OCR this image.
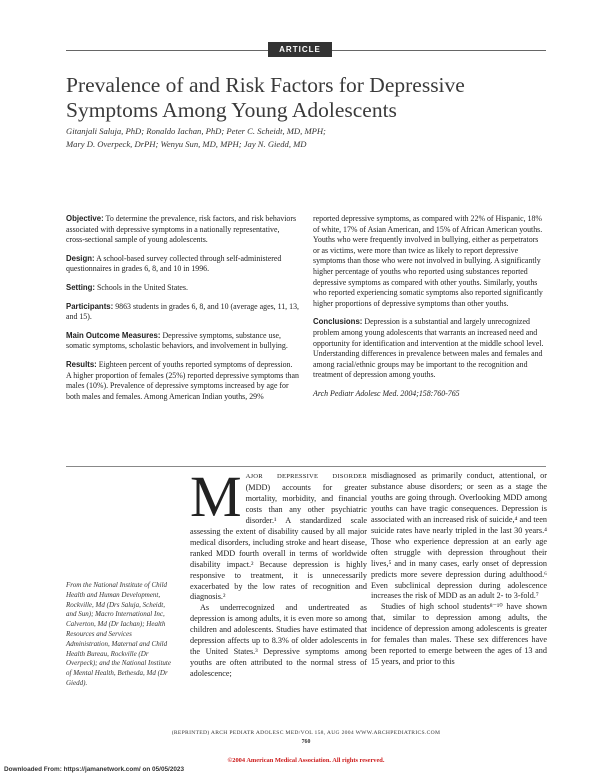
ARTICLE
Prevalence of and Risk Factors for Depressive
Symptoms Among Young Adolescents
Gitanjali Saluja, PhD; Ronaldo Iachan, PhD; Peter C. Scheidt, MD, MPH;
Mary D. Overpeck, DrPH; Wenyu Sun, MD, MPH; Jay N. Giedd, MD

Objective: To determine the prevalence, risk factors, and risk behaviors associated with depressive symptoms in a nationally representative, cross-sectional sample of young adolescents.

Design: A school-based survey collected through self-administered questionnaires in grades 6, 8, and 10 in 1996.

Setting: Schools in the United States.

Participants: 9863 students in grades 6, 8, and 10 (average ages, 11, 13, and 15).

Main Outcome Measures: Depressive symptoms, substance use, somatic symptoms, scholastic behaviors, and involvement in bullying.

Results: Eighteen percent of youths reported symptoms of depression. A higher proportion of females (25%) reported depressive symptoms than males (10%). Prevalence of depressive symptoms increased by age for both males and females. Among American Indian youths, 29%

reported depressive symptoms, as compared with 22% of Hispanic, 18% of white, 17% of Asian American, and 15% of African American youths. Youths who were frequently involved in bullying, either as perpetrators or as victims, were more than twice as likely to report depressive symptoms than those who were not involved in bullying. A significantly higher percentage of youths who reported using substances reported depressive symptoms as compared with other youths. Similarly, youths who reported experiencing somatic symptoms also reported significantly higher proportions of depressive symptoms than other youths.

Conclusions: Depression is a substantial and largely unrecognized problem among young adolescents that warrants an increased need and opportunity for identification and intervention at the middle school level. Understanding differences in prevalence between males and females and among racial/ethnic groups may be important to the recognition and treatment of depression among youths.

Arch Pediatr Adolesc Med. 2004;158:760-765

From the National Institute of Child Health and Human Development, Rockville, Md (Drs Saluja, Scheidt, and Sun); Macro International Inc, Calverton, Md (Dr Iachan); Health Resources and Services Administration, Maternal and Child Health Bureau, Rockville (Dr Overpeck); and the National Institute of Mental Health, Bethesda, Md (Dr Giedd).

MAJOR DEPRESSIVE DISORDER (MDD) accounts for greater mortality, morbidity, and financial costs than any other psychiatric disorder.¹ A standardized scale assessing the extent of disability caused by all major medical disorders, including stroke and heart disease, ranked MDD fourth overall in terms of worldwide disability impact.² Because depression is highly responsive to treatment, it is unnecessarily exacerbated by the low rates of recognition and diagnosis.²

As underrecognized and undertreated as depression is among adults, it is even more so among children and adolescents. Studies have estimated that depression affects up to 8.3% of older adolescents in the United States.³ Depressive symptoms among youths are often attributed to the normal stress of adolescence;

misdiagnosed as primarily conduct, attentional, or substance abuse disorders; or seen as a stage the youths are going through. Overlooking MDD among youths can have tragic consequences. Depression is associated with an increased risk of suicide,⁴ and teen suicide rates have nearly tripled in the last 30 years.⁴ Those who experience depression at an early age often struggle with depression throughout their lives,⁵ and in many cases, early onset of depression predicts more severe depression during adulthood.⁶ Even subclinical depression during adolescence increases the risk of MDD as an adult 2- to 3-fold.⁷

Studies of high school students⁸⁻¹⁰ have shown that, similar to depression among adults, the incidence of depression among adolescents is greater for females than males. These sex differences have been reported to emerge between the ages of 13 and 15 years, and prior to this

(REPRINTED) ARCH PEDIATR ADOLESC MED/VOL 158, AUG 2004 WWW.ARCHPEDIATRICS.COM
760
©2004 American Medical Association. All rights reserved.
Downloaded From: https://jamanetwork.com/ on 05/05/2023
